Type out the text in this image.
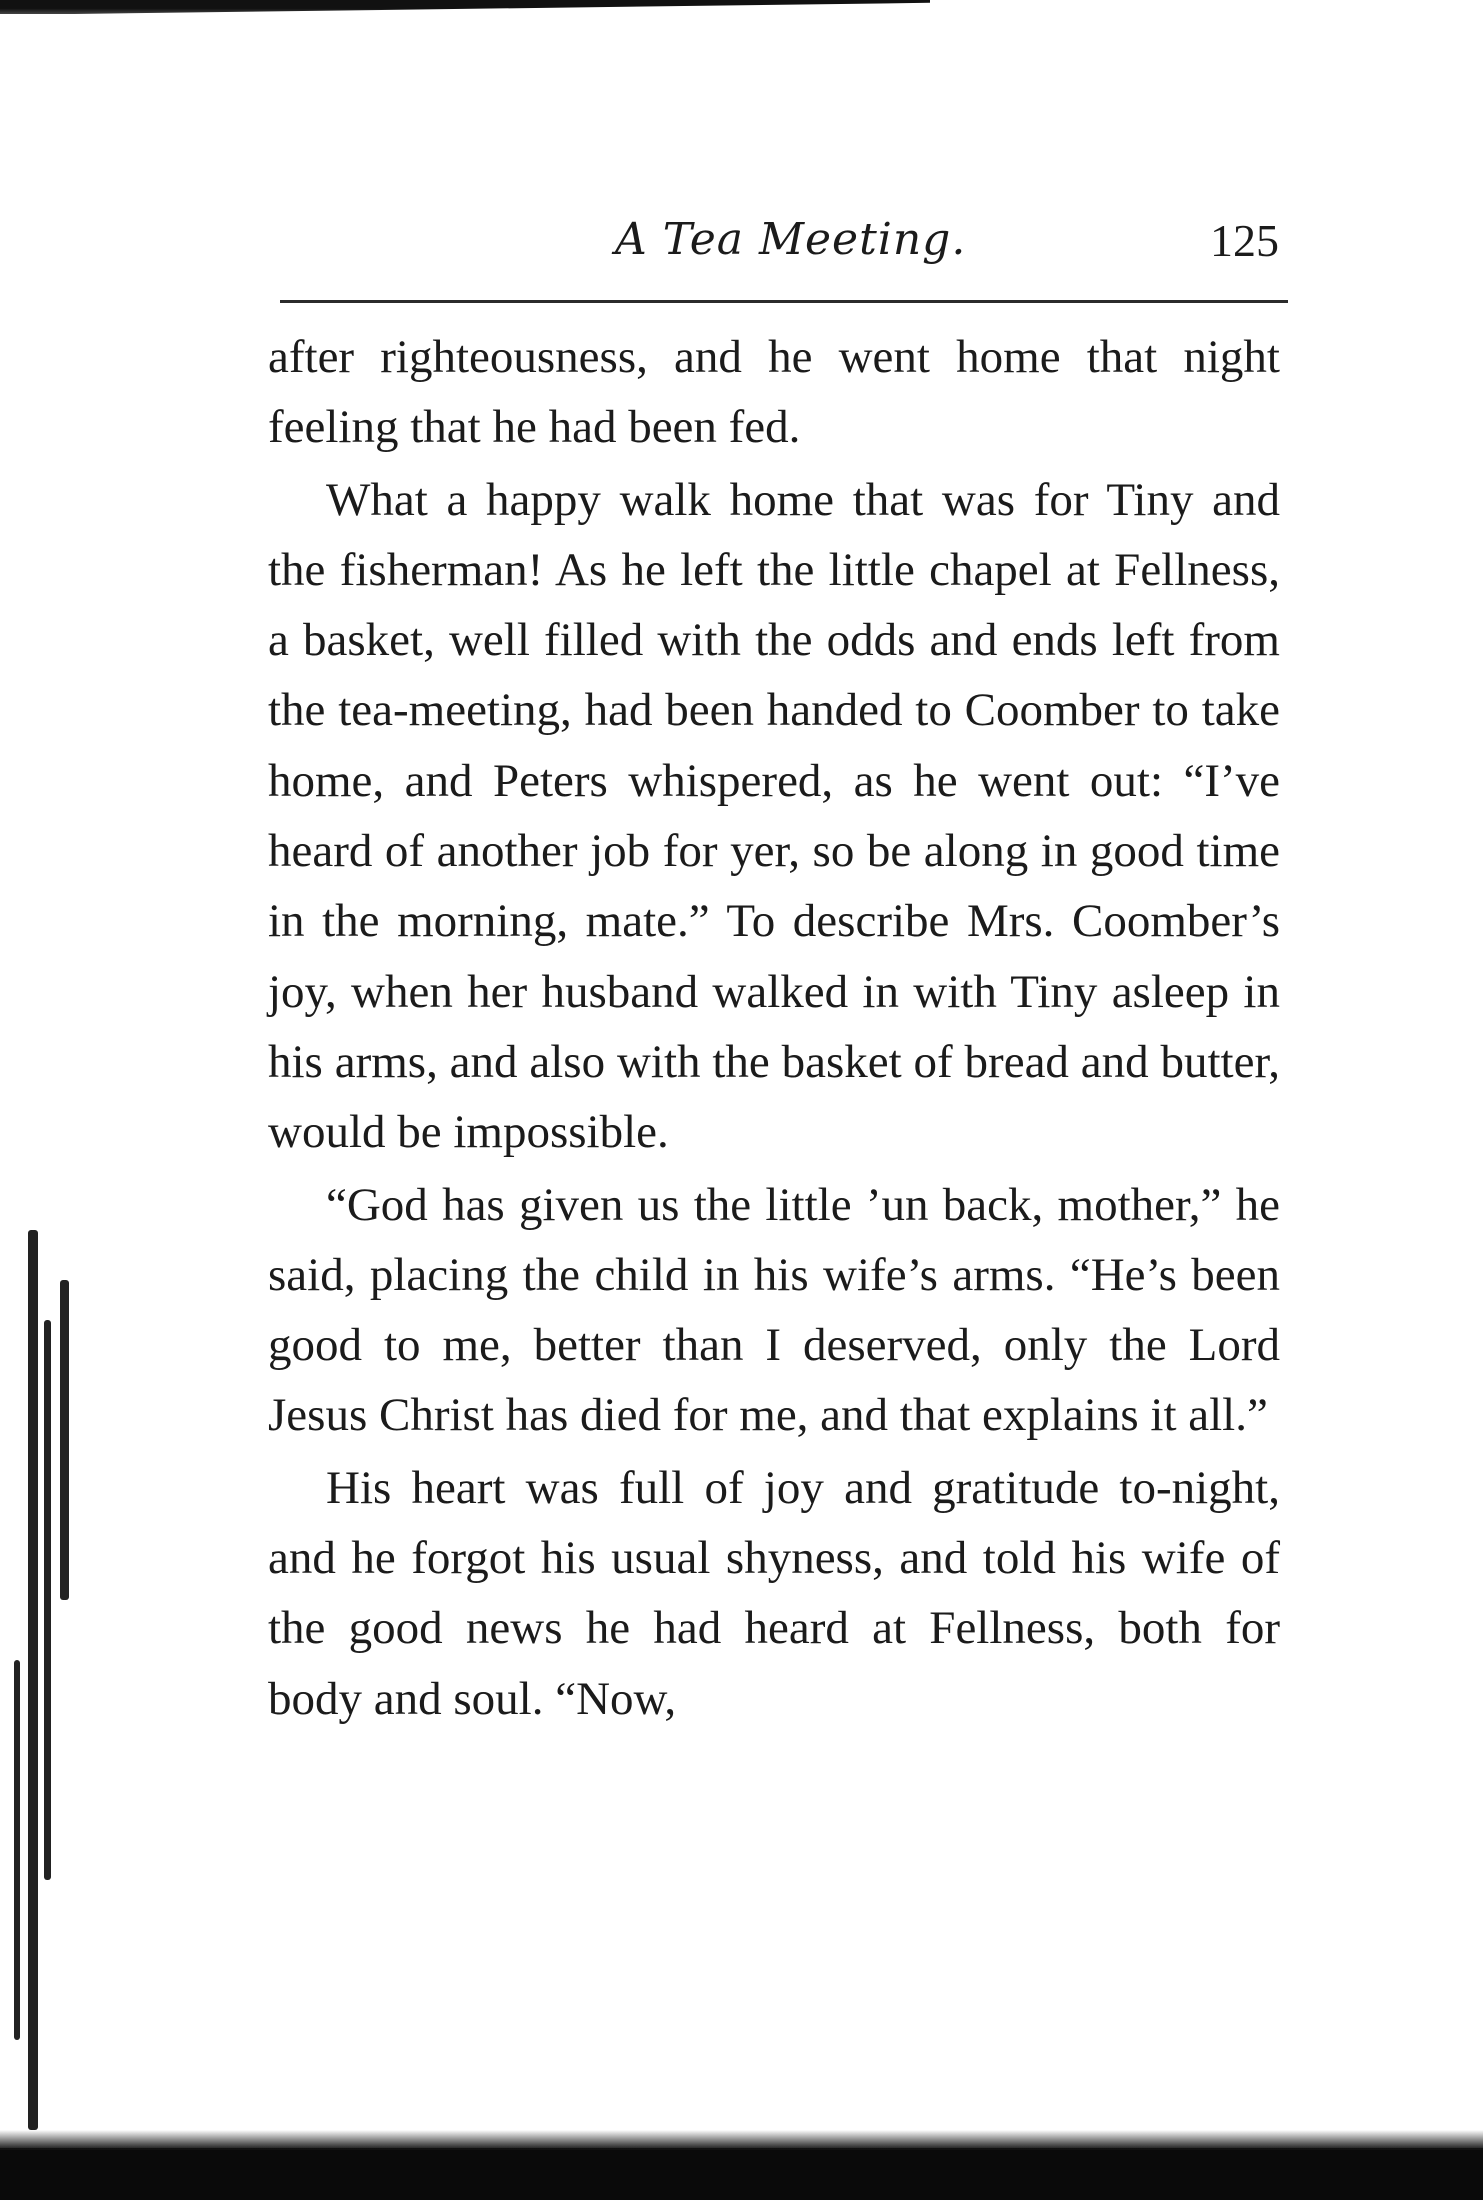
A Tea Meeting.	125

after righteousness, and he went home that night feeling that he had been fed.

What a happy walk home that was for Tiny and the fisherman! As he left the little chapel at Fellness, a basket, well filled with the odds and ends left from the tea-meeting, had been handed to Coomber to take home, and Peters whispered, as he went out: “I’ve heard of another job for yer, so be along in good time in the morning, mate.” To describe Mrs. Coomber’s joy, when her husband walked in with Tiny asleep in his arms, and also with the basket of bread and butter, would be impossible.

“God has given us the little ’un back, mother,” he said, placing the child in his wife’s arms. “He’s been good to me, better than I deserved, only the Lord Jesus Christ has died for me, and that explains it all.”

His heart was full of joy and gratitude to-night, and he forgot his usual shyness, and told his wife of the good news he had heard at Fellness, both for body and soul. “Now,
